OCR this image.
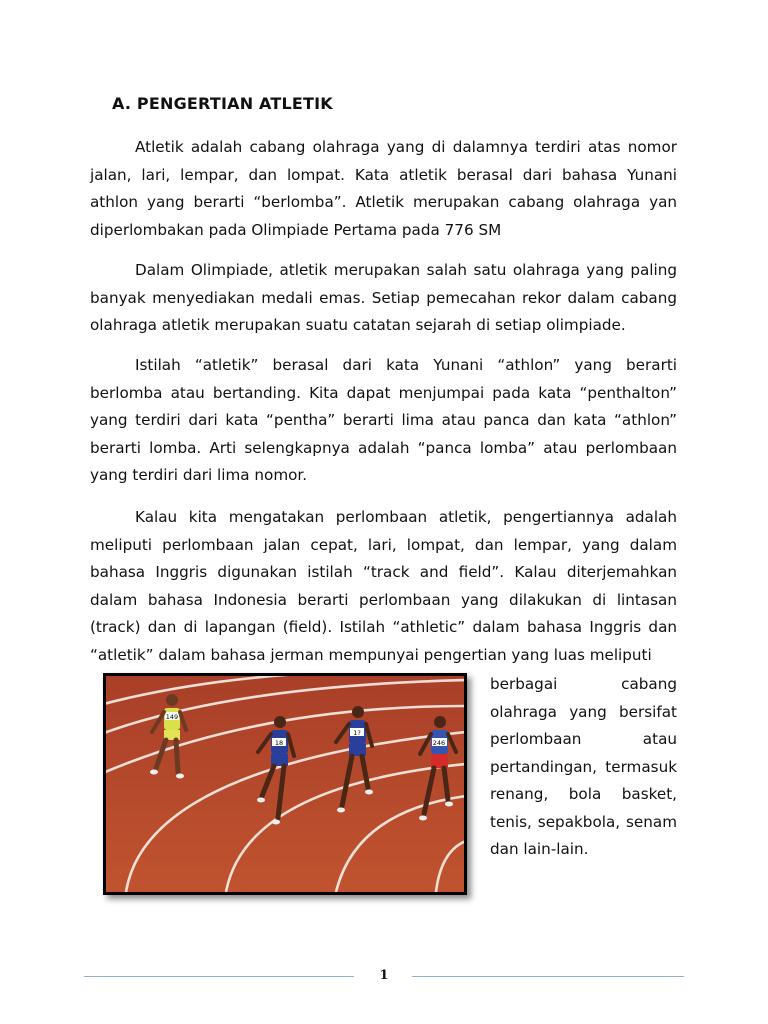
A. PENGERTIAN ATLETIK

Atletik adalah cabang olahraga yang di dalamnya terdiri atas nomor jalan, lari, lempar, dan lompat. Kata atletik berasal dari bahasa Yunani athlon yang berarti “berlomba”. Atletik merupakan cabang olahraga yan diperlombakan pada Olimpiade Pertama pada 776 SM

Dalam Olimpiade, atletik merupakan salah satu olahraga yang paling banyak menyediakan medali emas. Setiap pemecahan rekor dalam cabang olahraga atletik merupakan suatu catatan sejarah di setiap olimpiade.

Istilah “atletik” berasal dari kata Yunani “athlon” yang berarti berlomba atau bertanding. Kita dapat menjumpai pada kata “penthalton” yang terdiri dari kata “pentha” berarti lima atau panca dan kata “athlon” berarti lomba. Arti selengkapnya adalah “panca lomba” atau perlombaan yang terdiri dari lima nomor.

Kalau kita mengatakan perlombaan atletik, pengertiannya adalah meliputi perlombaan jalan cepat, lari, lompat, dan lempar, yang dalam bahasa Inggris digunakan istilah “track and field”. Kalau diterjemahkan dalam bahasa Indonesia berarti perlombaan yang dilakukan di lintasan (track) dan di lapangan (field). Istilah “athletic” dalam bahasa Inggris dan “atletik” dalam bahasa jerman mempunyai pengertian yang luas meliputi

149
18
1?
246

berbagai cabang olahraga yang bersifat perlombaan atau pertandingan, termasuk renang, bola basket, tenis, sepakbola, senam dan lain-lain.

1
